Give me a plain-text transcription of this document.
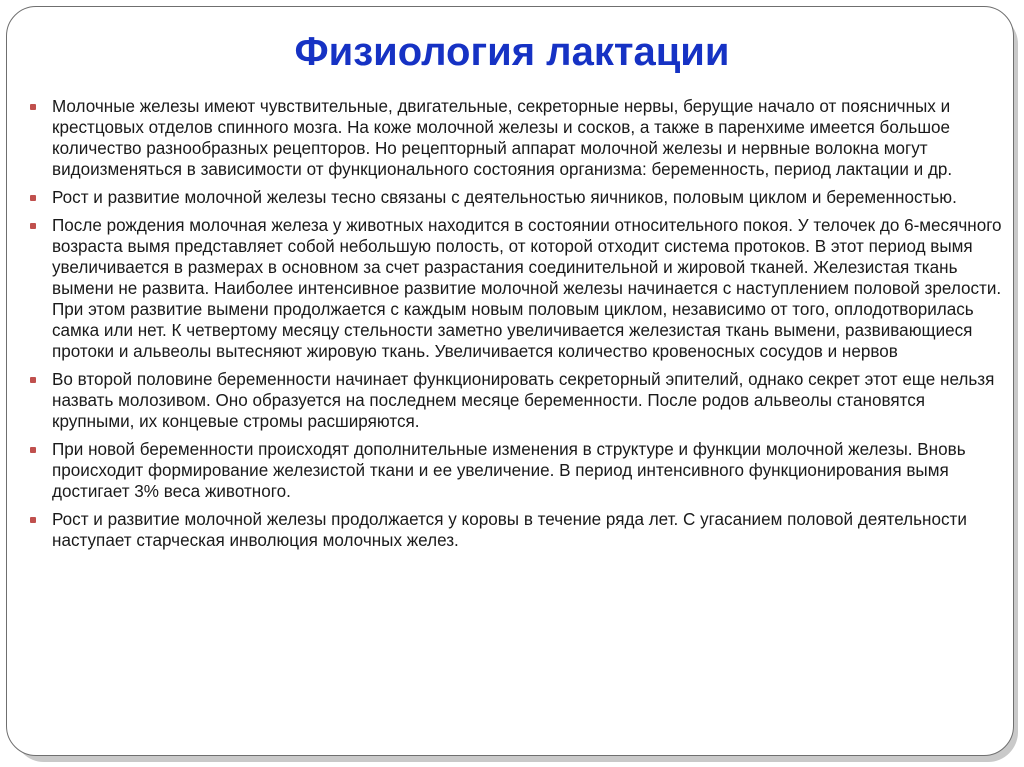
Физиология лактации
Молочные железы имеют чувствительные, двигательные, секреторные нервы, берущие начало от поясничных и крестцовых отделов спинного мозга. На коже молочной железы и сосков, а также в паренхиме имеется большое количество разнообразных рецепторов. Но рецепторный аппарат молочной железы и нервные волокна могут видоизменяться в зависимости от функционального состояния организма: беременность, период лактации и др.
Рост и развитие молочной железы тесно связаны с деятельностью яичников, половым циклом и беременностью.
После рождения молочная железа у животных находится в состоянии относительного покоя. У телочек до 6-месячного возраста вымя представляет собой небольшую полость, от которой отходит система протоков. В этот период вымя увеличивается в размерах в основном за счет разрастания соединительной и жировой тканей. Железистая ткань вымени не развита. Наиболее интенсивное развитие молочной железы начинается с наступлением половой зрелости. При этом развитие вымени продолжается с каждым новым половым циклом, независимо от того, оплодотворилась самка или нет. К четвертому месяцу стельности заметно увеличивается железистая ткань вымени, развивающиеся протоки и альвеолы вытесняют жировую ткань. Увеличивается количество кровеносных сосудов и нервов
Во второй половине беременности начинает функционировать секреторный эпителий, однако секрет этот еще нельзя назвать молозивом. Оно образуется на последнем месяце беременности. После родов альвеолы становятся крупными, их концевые стромы расширяются.
При новой беременности происходят дополнительные изменения в структуре и функции молочной железы. Вновь происходит формирование железистой ткани и ее увеличение. В период интенсивного функционирования вымя достигает 3% веса животного.
Рост и развитие молочной железы продолжается у коровы в течение ряда лет. С угасанием половой деятельности наступает старческая инволюция молочных желез.
